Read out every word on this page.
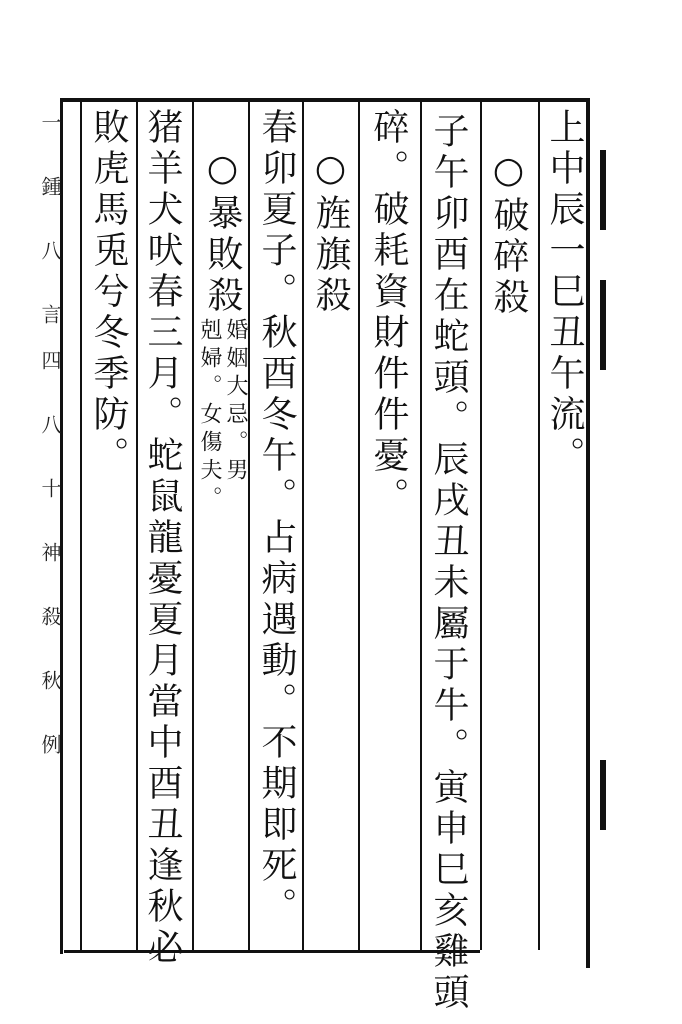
上中辰一巳丑午流。
○破碎殺
子午卯酉在蛇頭。辰戌丑未屬于牛。寅申巳亥雞頭
碎。破耗資財件件憂。
○旌旗殺
春卯夏子。秋酉冬午。占病遇動。不期即死。
○暴敗殺
婚姻大忌。男
剋婦。女傷夫。
猪羊犬吠春三月。蛇鼠龍憂夏月當中酉丑逢秋必
敗虎馬兎兮冬季防。
一 鍾 八 言
四 八 十 神 殺 秋 例
